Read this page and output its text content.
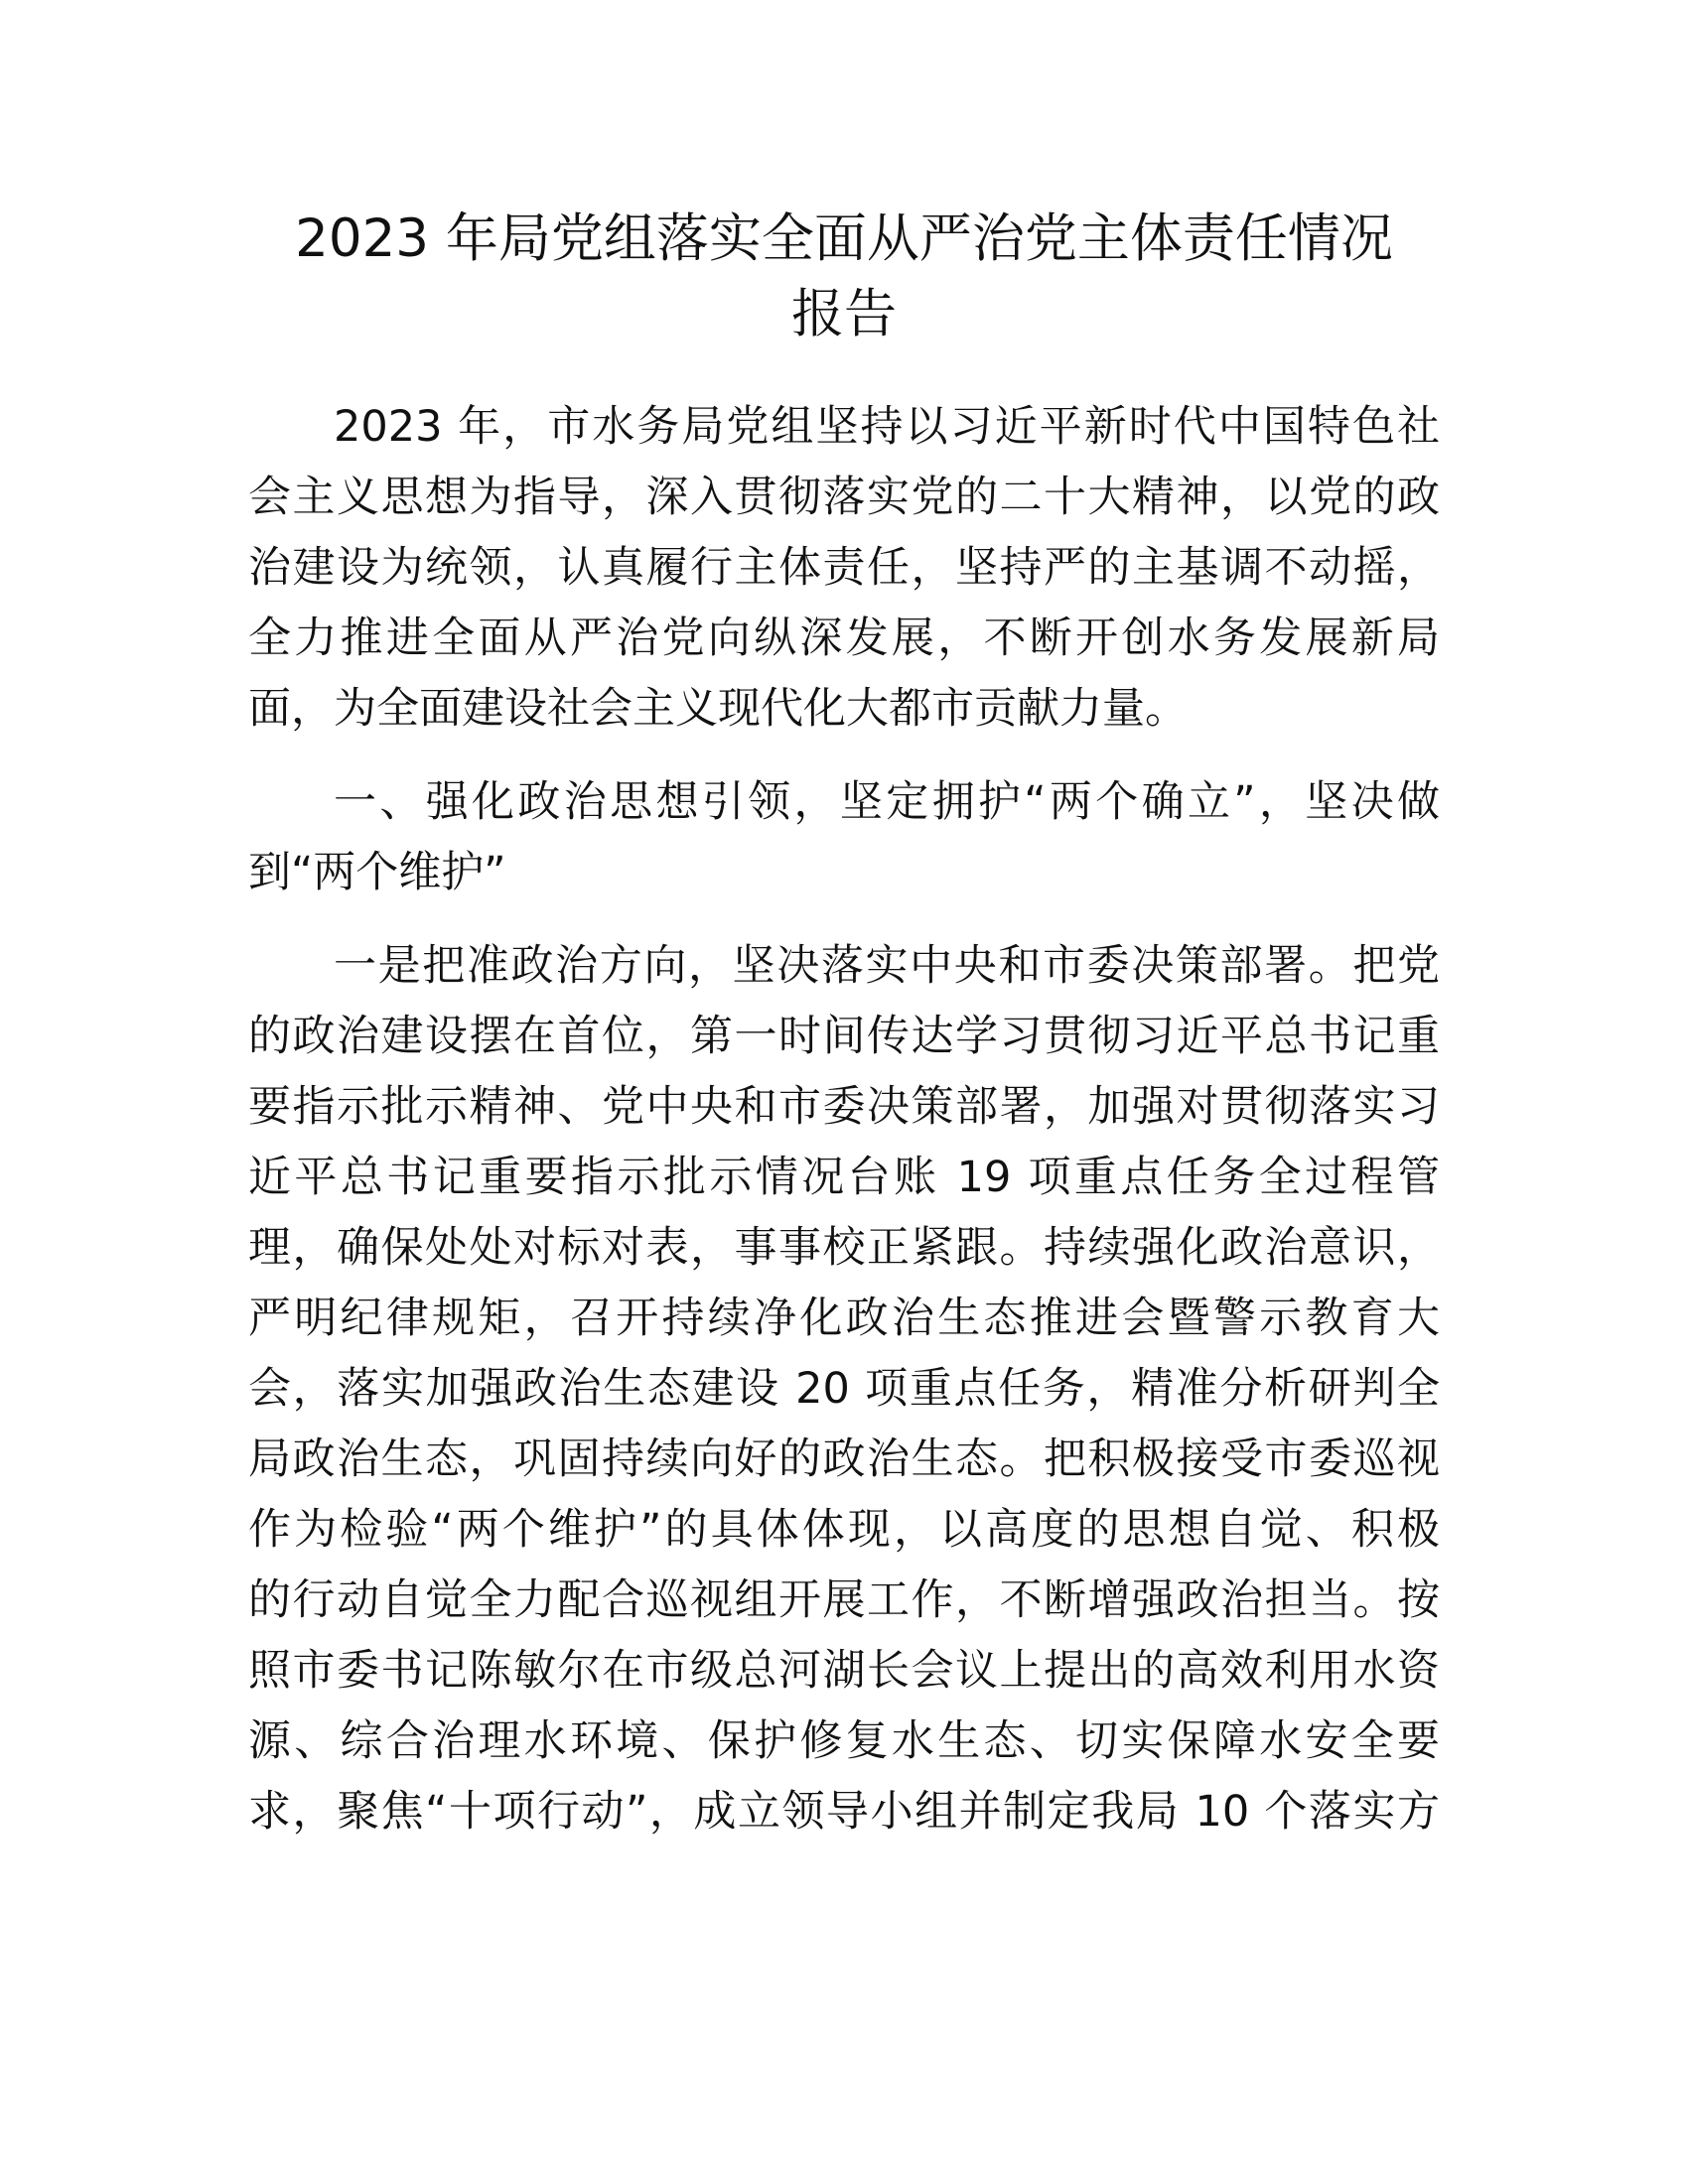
2023 年局党组落实全面从严治党主体责任情况
报告

2023 年，市水务局党组坚持以习近平新时代中国特色社

会主义思想为指导，深入贯彻落实党的二十大精神，以党的政

治建设为统领，认真履行主体责任，坚持严的主基调不动摇，

全力推进全面从严治党向纵深发展，不断开创水务发展新局

面，为全面建设社会主义现代化大都市贡献力量。

一、强化政治思想引领，坚定拥护“两个确立”，坚决做

到“两个维护”

一是把准政治方向，坚决落实中央和市委决策部署。把党

的政治建设摆在首位，第一时间传达学习贯彻习近平总书记重

要指示批示精神、党中央和市委决策部署，加强对贯彻落实习

近平总书记重要指示批示情况台账 19 项重点任务全过程管

理，确保处处对标对表，事事校正紧跟。持续强化政治意识，

严明纪律规矩，召开持续净化政治生态推进会暨警示教育大

会，落实加强政治生态建设 20 项重点任务，精准分析研判全

局政治生态，巩固持续向好的政治生态。把积极接受市委巡视

作为检验“两个维护”的具体体现，以高度的思想自觉、积极

的行动自觉全力配合巡视组开展工作，不断增强政治担当。按

照市委书记陈敏尔在市级总河湖长会议上提出的高效利用水资

源、综合治理水环境、保护修复水生态、切实保障水安全要

求，聚焦“十项行动”，成立领导小组并制定我局 10 个落实方
